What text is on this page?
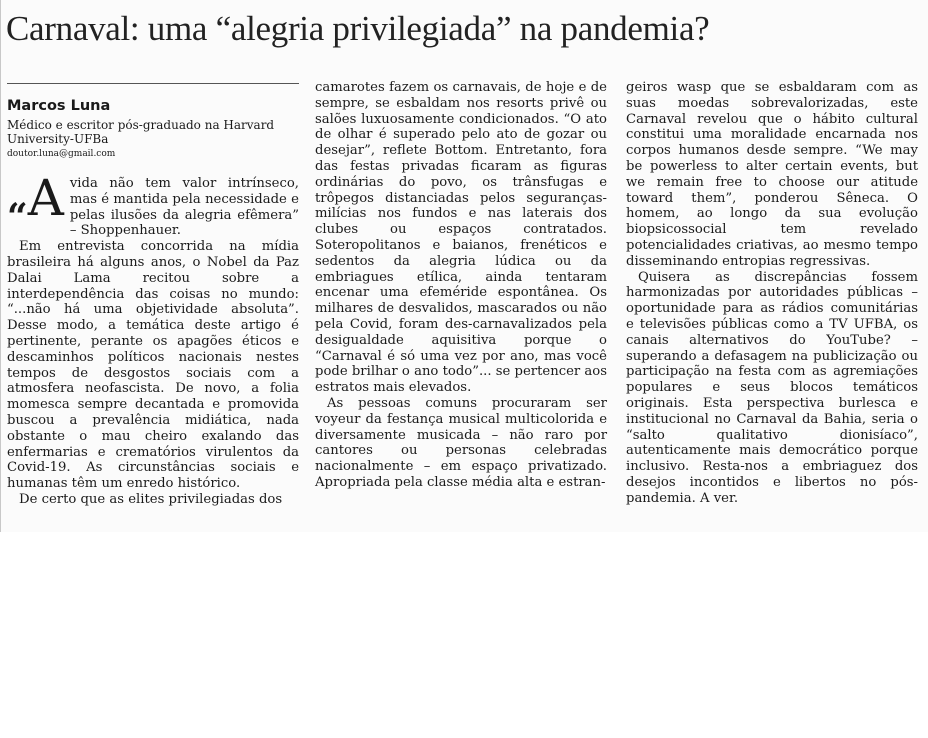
Carnaval: uma “alegria privilegiada” na pandemia?
Marcos Luna
Médico e escritor pós-graduado na Harvard University-UFBa
doutor.luna@gmail.com

$_“$A vida não tem valor intrínseco, mas é mantida pela necessidade e pelas ilusões da alegria efêmera” – Shoppenhauer.

Em entrevista concorrida na mídia brasileira há alguns anos, o Nobel da Paz Dalai Lama recitou sobre a interdependência das coisas no mundo: “...não há uma objetividade absoluta”. Desse modo, a temática deste artigo é pertinente, perante os apagões éticos e descaminhos políticos nacionais nestes tempos de desgostos sociais com a atmosfera neofascista. De novo, a folia momesca sempre decantada e promovida buscou a prevalência midiática, nada obstante o mau cheiro exalando das enfermarias e crematórios virulentos da Covid-19. As circunstâncias sociais e humanas têm um enredo histórico.

De certo que as elites privilegiadas dos

camarotes fazem os carnavais, de hoje e de sempre, se esbaldam nos resorts privê ou salões luxuosamente condicionados. “O ato de olhar é superado pelo ato de gozar ou desejar”, reflete Bottom. Entretanto, fora das festas privadas ficaram as figuras ordinárias do povo, os trânsfugas e trôpegos distanciadas pelos seguranças-milícias nos fundos e nas laterais dos clubes ou espaços contratados. Soteropolitanos e baianos, frenéticos e sedentos da alegria lúdica ou da embriagues etílica, ainda tentaram encenar uma efeméride espontânea. Os milhares de desvalidos, mascarados ou não pela Covid, foram des-carnavalizados pela desigualdade aquisitiva porque o “Carnaval é só uma vez por ano, mas você pode brilhar o ano todo”... se pertencer aos estratos mais elevados.

As pessoas comuns procuraram ser voyeur da festança musical multicolorida e diversamente musicada – não raro por cantores ou personas celebradas nacionalmente – em espaço privatizado. Apropriada pela classe média alta e estran-

geiros wasp que se esbaldaram com as suas moedas sobrevalorizadas, este Carnaval revelou que o hábito cultural constitui uma moralidade encarnada nos corpos humanos desde sempre. “We may be powerless to alter certain events, but we remain free to choose our atitude toward them”, ponderou Sêneca. O homem, ao longo da sua evolução biopsicossocial tem revelado potencialidades criativas, ao mesmo tempo disseminando entropias regressivas.

Quisera as discrepâncias fossem harmonizadas por autoridades públicas – oportunidade para as rádios comunitárias e televisões públicas como a TV UFBA, os canais alternativos do YouTube? – superando a defasagem na publicização ou participação na festa com as agremiações populares e seus blocos temáticos originais. Esta perspectiva burlesca e institucional no Carnaval da Bahia, seria o “salto qualitativo dionisíaco”, autenticamente mais democrático porque inclusivo. Resta-nos a embriaguez dos desejos incontidos e libertos no pós-pandemia. A ver.
